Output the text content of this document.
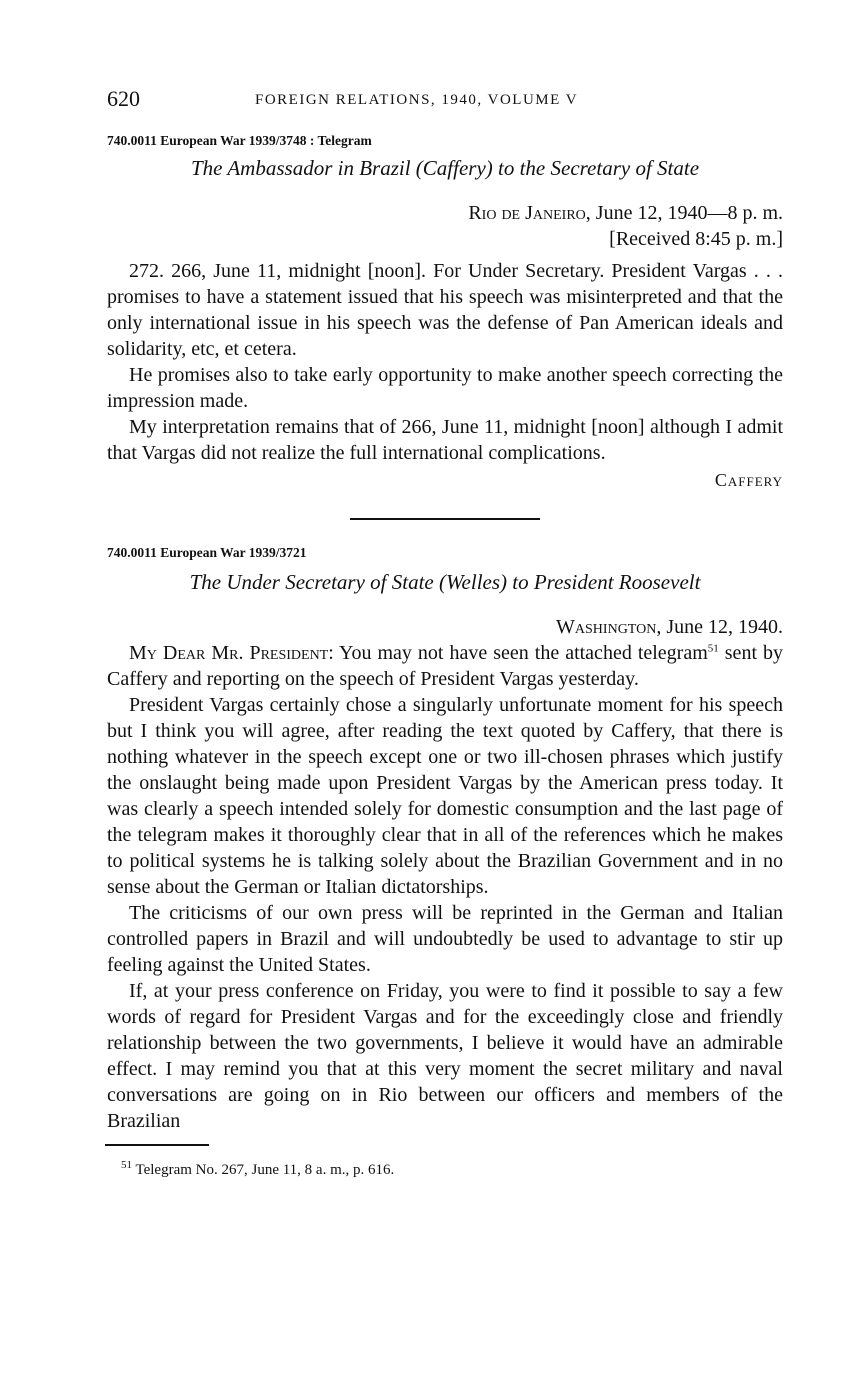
620	FOREIGN RELATIONS, 1940, VOLUME V
740.0011 European War 1939/3748 : Telegram
The Ambassador in Brazil (Caffery) to the Secretary of State
Rio de Janeiro, June 12, 1940—8 p. m.
[Received 8:45 p. m.]

272. 266, June 11, midnight [noon]. For Under Secretary. President Vargas . . . promises to have a statement issued that his speech was misinterpreted and that the only international issue in his speech was the defense of Pan American ideals and solidarity, etc, et cetera.

He promises also to take early opportunity to make another speech correcting the impression made.

My interpretation remains that of 266, June 11, midnight [noon] although I admit that Vargas did not realize the full international complications.

Caffery
740.0011 European War 1939/3721
The Under Secretary of State (Welles) to President Roosevelt
Washington, June 12, 1940.

My Dear Mr. President: You may not have seen the attached telegram$^{51}$ sent by Caffery and reporting on the speech of President Vargas yesterday.

President Vargas certainly chose a singularly unfortunate moment for his speech but I think you will agree, after reading the text quoted by Caffery, that there is nothing whatever in the speech except one or two ill-chosen phrases which justify the onslaught being made upon President Vargas by the American press today. It was clearly a speech intended solely for domestic consumption and the last page of the telegram makes it thoroughly clear that in all of the references which he makes to political systems he is talking solely about the Brazilian Government and in no sense about the German or Italian dictatorships.

The criticisms of our own press will be reprinted in the German and Italian controlled papers in Brazil and will undoubtedly be used to advantage to stir up feeling against the United States.

If, at your press conference on Friday, you were to find it possible to say a few words of regard for President Vargas and for the exceedingly close and friendly relationship between the two governments, I believe it would have an admirable effect. I may remind you that at this very moment the secret military and naval conversations are going on in Rio between our officers and members of the Brazilian

$^{51}$ Telegram No. 267, June 11, 8 a. m., p. 616.
